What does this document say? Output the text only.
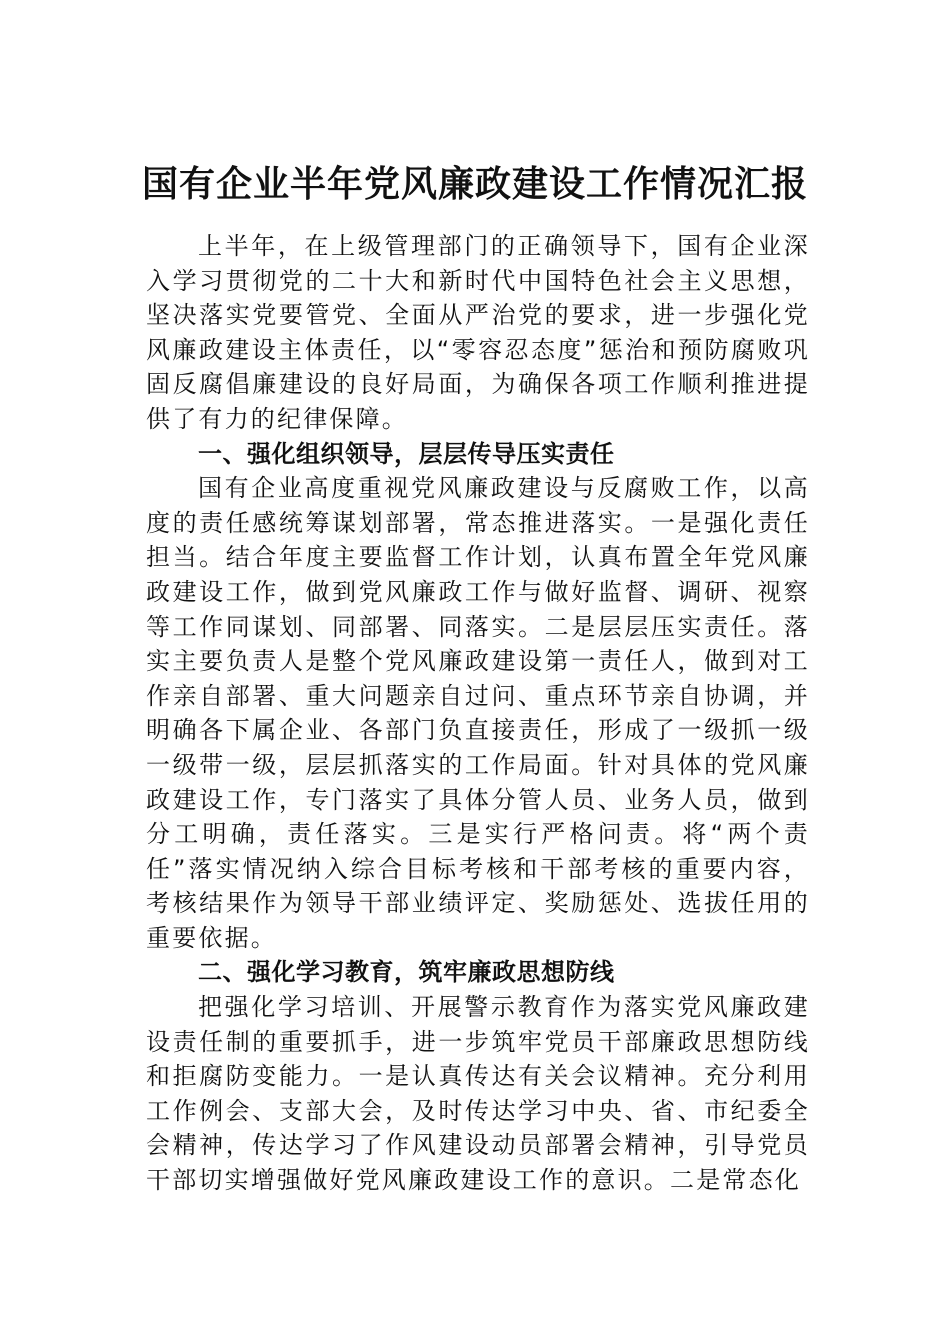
国有企业半年党风廉政建设工作情况汇报

上半年，在上级管理部门的正确领导下，国有企业深入学习贯彻党的二十大和新时代中国特色社会主义思想，坚决落实党要管党、全面从严治党的要求，进一步强化党风廉政建设主体责任，以“零容忍态度”惩治和预防腐败巩固反腐倡廉建设的良好局面，为确保各项工作顺利推进提供了有力的纪律保障。

一、强化组织领导，层层传导压实责任

国有企业高度重视党风廉政建设与反腐败工作，以高度的责任感统筹谋划部署，常态推进落实。一是强化责任担当。结合年度主要监督工作计划，认真布置全年党风廉政建设工作，做到党风廉政工作与做好监督、调研、视察等工作同谋划、同部署、同落实。二是层层压实责任。落实主要负责人是整个党风廉政建设第一责任人，做到对工作亲自部署、重大问题亲自过问、重点环节亲自协调，并明确各下属企业、各部门负直接责任，形成了一级抓一级一级带一级，层层抓落实的工作局面。针对具体的党风廉政建设工作，专门落实了具体分管人员、业务人员，做到分工明确，责任落实。三是实行严格问责。将“两个责任”落实情况纳入综合目标考核和干部考核的重要内容，考核结果作为领导干部业绩评定、奖励惩处、选拔任用的重要依据。

二、强化学习教育，筑牢廉政思想防线

把强化学习培训、开展警示教育作为落实党风廉政建设责任制的重要抓手，进一步筑牢党员干部廉政思想防线和拒腐防变能力。一是认真传达有关会议精神。充分利用工作例会、支部大会，及时传达学习中央、省、市纪委全会精神，传达学习了作风建设动员部署会精神，引导党员干部切实增强做好党风廉政建设工作的意识。二是常态化
